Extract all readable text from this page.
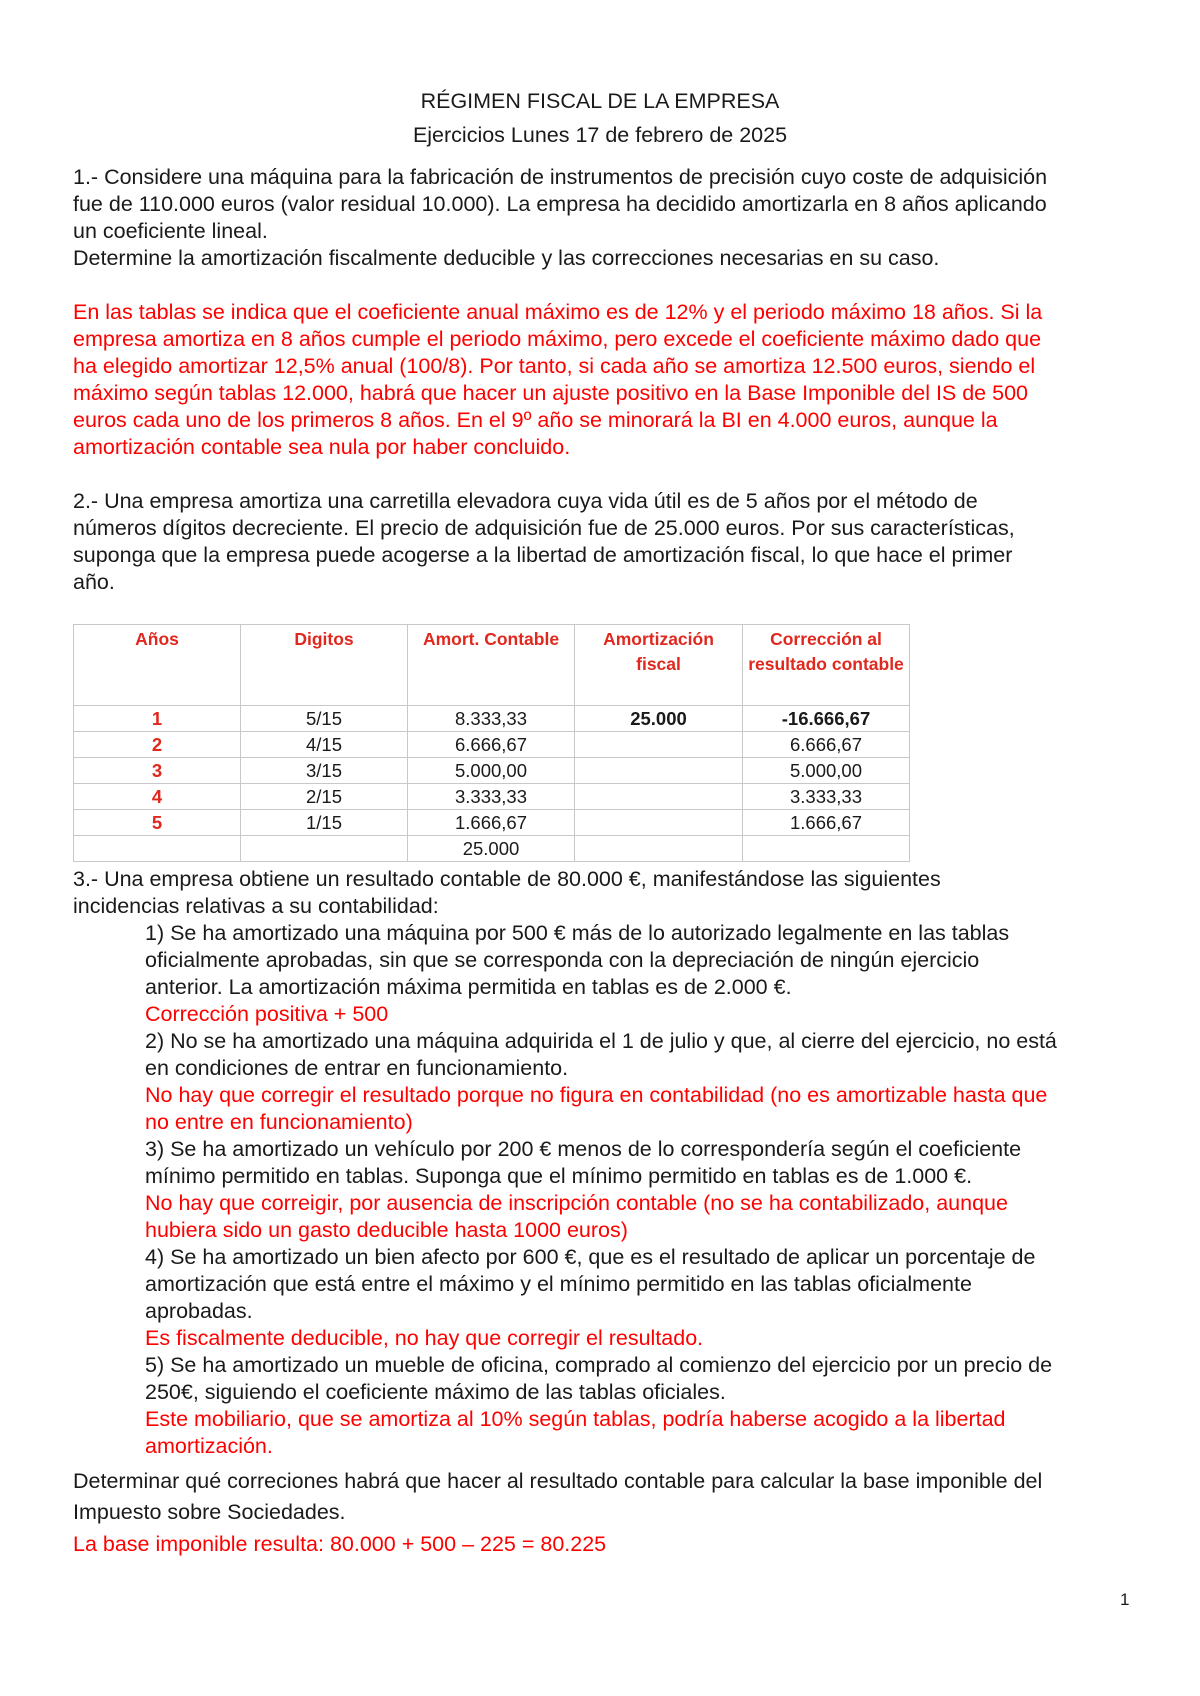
RÉGIMEN FISCAL DE LA EMPRESA
Ejercicios Lunes 17 de febrero de 2025
1.- Considere una máquina para la fabricación de instrumentos de precisión cuyo coste de adquisición
fue de 110.000 euros (valor residual 10.000). La empresa ha decidido amortizarla en 8 años aplicando
un coeficiente lineal.
Determine la amortización fiscalmente deducible y las correcciones necesarias en su caso.
En las tablas se indica que el coeficiente anual máximo es de 12% y el periodo máximo 18 años. Si la
empresa amortiza en 8 años cumple el periodo máximo, pero excede el coeficiente máximo dado que
ha elegido amortizar 12,5% anual (100/8). Por tanto, si cada año se amortiza 12.500 euros, siendo el
máximo según tablas 12.000, habrá que hacer un ajuste positivo en la Base Imponible del IS de 500
euros cada uno de los primeros 8 años. En el 9º año se minorará la BI en 4.000 euros, aunque la
amortización contable sea nula por haber concluido.
2.- Una empresa amortiza una carretilla elevadora cuya vida útil es de 5 años por el método de
números dígitos decreciente. El precio de adquisición fue de 25.000 euros. Por sus características,
suponga que la empresa puede acogerse a la libertad de amortización fiscal, lo que hace el primer
año.
Años	Digitos	Amort. Contable	Amortización fiscal	Corrección al resultado contable
1	5/15	8.333,33	25.000	-16.666,67
2	4/15	6.666,67		6.666,67
3	3/15	5.000,00		5.000,00
4	2/15	3.333,33		3.333,33
5	1/15	1.666,67		1.666,67
		25.000		
3.- Una empresa obtiene un resultado contable de 80.000 €, manifestándose las siguientes
incidencias relativas a su contabilidad:
1) Se ha amortizado una máquina por 500 € más de lo autorizado legalmente en las tablas
oficialmente aprobadas, sin que se corresponda con la depreciación de ningún ejercicio
anterior. La amortización máxima permitida en tablas es de 2.000 €.
Corrección positiva + 500
2) No se ha amortizado una máquina adquirida el 1 de julio y que, al cierre del ejercicio, no está
en condiciones de entrar en funcionamiento.
No hay que corregir el resultado porque no figura en contabilidad (no es amortizable hasta que
no entre en funcionamiento)
3) Se ha amortizado un vehículo por 200 € menos de lo correspondería según el coeficiente
mínimo permitido en tablas. Suponga que el mínimo permitido en tablas es de 1.000 €.
No hay que correigir, por ausencia de inscripción contable (no se ha contabilizado, aunque
hubiera sido un gasto deducible hasta 1000 euros)
4) Se ha amortizado un bien afecto por 600 €, que es el resultado de aplicar un porcentaje de
amortización que está entre el máximo y el mínimo permitido en las tablas oficialmente
aprobadas.
Es fiscalmente deducible, no hay que corregir el resultado.
5) Se ha amortizado un mueble de oficina, comprado al comienzo del ejercicio por un precio de
250€, siguiendo el coeficiente máximo de las tablas oficiales.
Este mobiliario, que se amortiza al 10% según tablas, podría haberse acogido a la libertad
amortización.
Determinar qué correciones habrá que hacer al resultado contable para calcular la base imponible del
Impuesto sobre Sociedades.
La base imponible resulta: 80.000 + 500 – 225 = 80.225
1
